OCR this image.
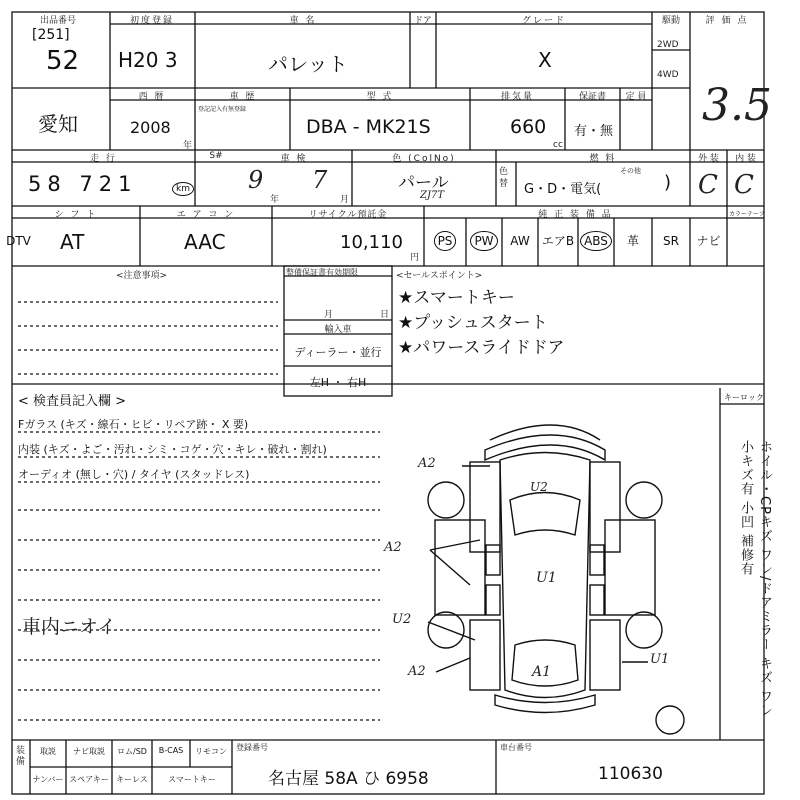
出品番号
[251]
52
初度登録
H20 3
車 名
パレット
ドア	グレード
X
駆動
2WD
4WD
評 価 点
3.5
愛知
西 暦
2008
年
車 歴
登記記入有無登録
型 式
DBA - MK21S
排気量
660
cc
保証書
有・無
定 員
走 行
58 721	km
S#	車 検
9
年
7
月
色 (ColNo)
パール
ZJ7T
色替
燃 料
G・D・電気(
その他
)
外 装
C
内 装
C
シ フ ト
AT
エ ア コ ン
AAC
リサイクル預託金
10,110
円
純 正 装 備 品	カラーテーブ
PS	PW	AW	エアB ABS	革	SR	ナビ
DTV
<注意事項>	整備保証書有効期限
月	日
輸入車
ディーラー・並行
左H ・ 右H
<セールスポイント>
★スマートキー
★プッシュスタート
★パワースライドドア
< 検査員記入欄 >
Fガラス (キズ・線石・ヒビ・リペア跡・ X 要)
内装 (キズ・よご・汚れ・シミ・コゲ・穴・キレ・破れ・割れ)
オーディオ (無し・穴) / タイヤ (スタッドレス)
車内ニオイ
キーロック
ホイル・CPキズ ワレ/ドアミラー キズ ワレ 小キズ有 小凹 補修有
A2
U2
A2
U1
U2
A2	A1
U1
装備
取説	ナビ取説	ロム/SD	B-CAS	リモコン
ナンバー スペアキー キーレス	スマートキー
登録番号
名古屋 58A ひ 6958
車台番号
110630
